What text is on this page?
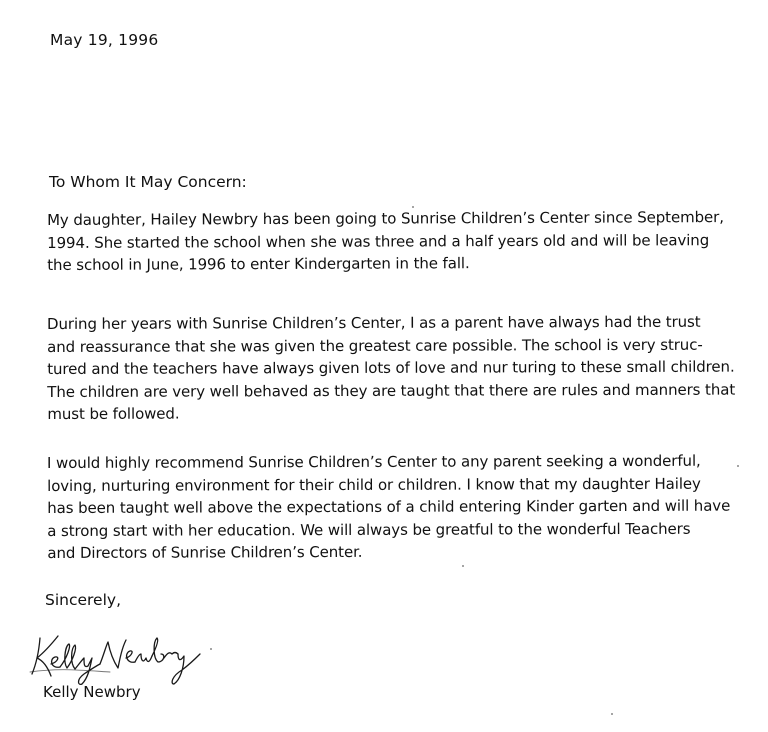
May 19, 1996
To Whom It May Concern:
My daughter, Hailey Newbry has been going to Sunrise Children’s Center since September,
1994. She started the school when she was three and a half years old and will be leaving
the school in June, 1996 to enter Kindergarten in the fall.
During her years with Sunrise Children’s Center, I as a parent have always had the trust
and reassurance that she was given the greatest care possible. The school is very struc-
tured and the teachers have always given lots of love and nur turing to these small children.
The children are very well behaved as they are taught that there are rules and manners that
must be followed.
I would highly recommend Sunrise Children’s Center to any parent seeking a wonderful,
loving, nurturing environment for their child or children. I know that my daughter Hailey
has been taught well above the expectations of a child entering Kinder garten and will have
a strong start with her education. We will always be greatful to the wonderful Teachers
and Directors of Sunrise Children’s Center.
Sincerely,
Kelly Newbry
